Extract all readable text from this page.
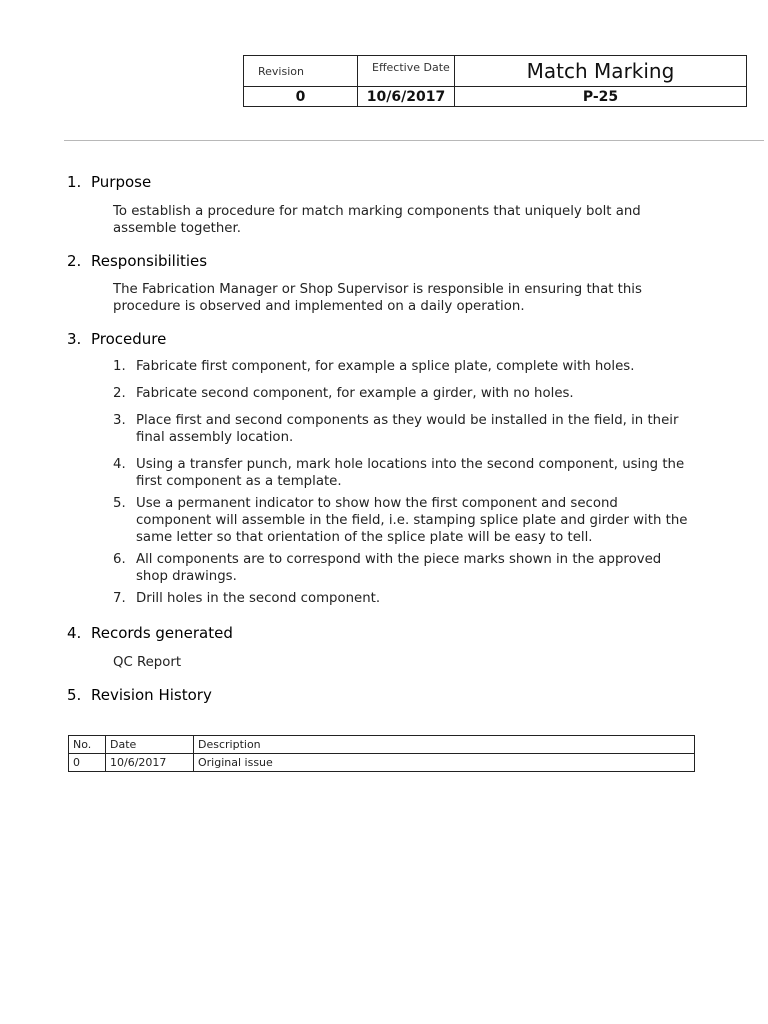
Revision	Effective Date	Match Marking
0	10/6/2017	P-25
1. Purpose
To establish a procedure for match marking components that uniquely bolt and assemble together.
2. Responsibilities
The Fabrication Manager or Shop Supervisor is responsible in ensuring that this procedure is observed and implemented on a daily operation.
3. Procedure
1. Fabricate first component, for example a splice plate, complete with holes.
2. Fabricate second component, for example a girder, with no holes.
3. Place first and second components as they would be installed in the field, in their final assembly location.
4. Using a transfer punch, mark hole locations into the second component, using the first component as a template.
5. Use a permanent indicator to show how the first component and second component will assemble in the field, i.e. stamping splice plate and girder with the same letter so that orientation of the splice plate will be easy to tell.
6. All components are to correspond with the piece marks shown in the approved shop drawings.
7. Drill holes in the second component.
4. Records generated
QC Report
5. Revision History
No.	Date	Description
0	10/6/2017	Original issue
